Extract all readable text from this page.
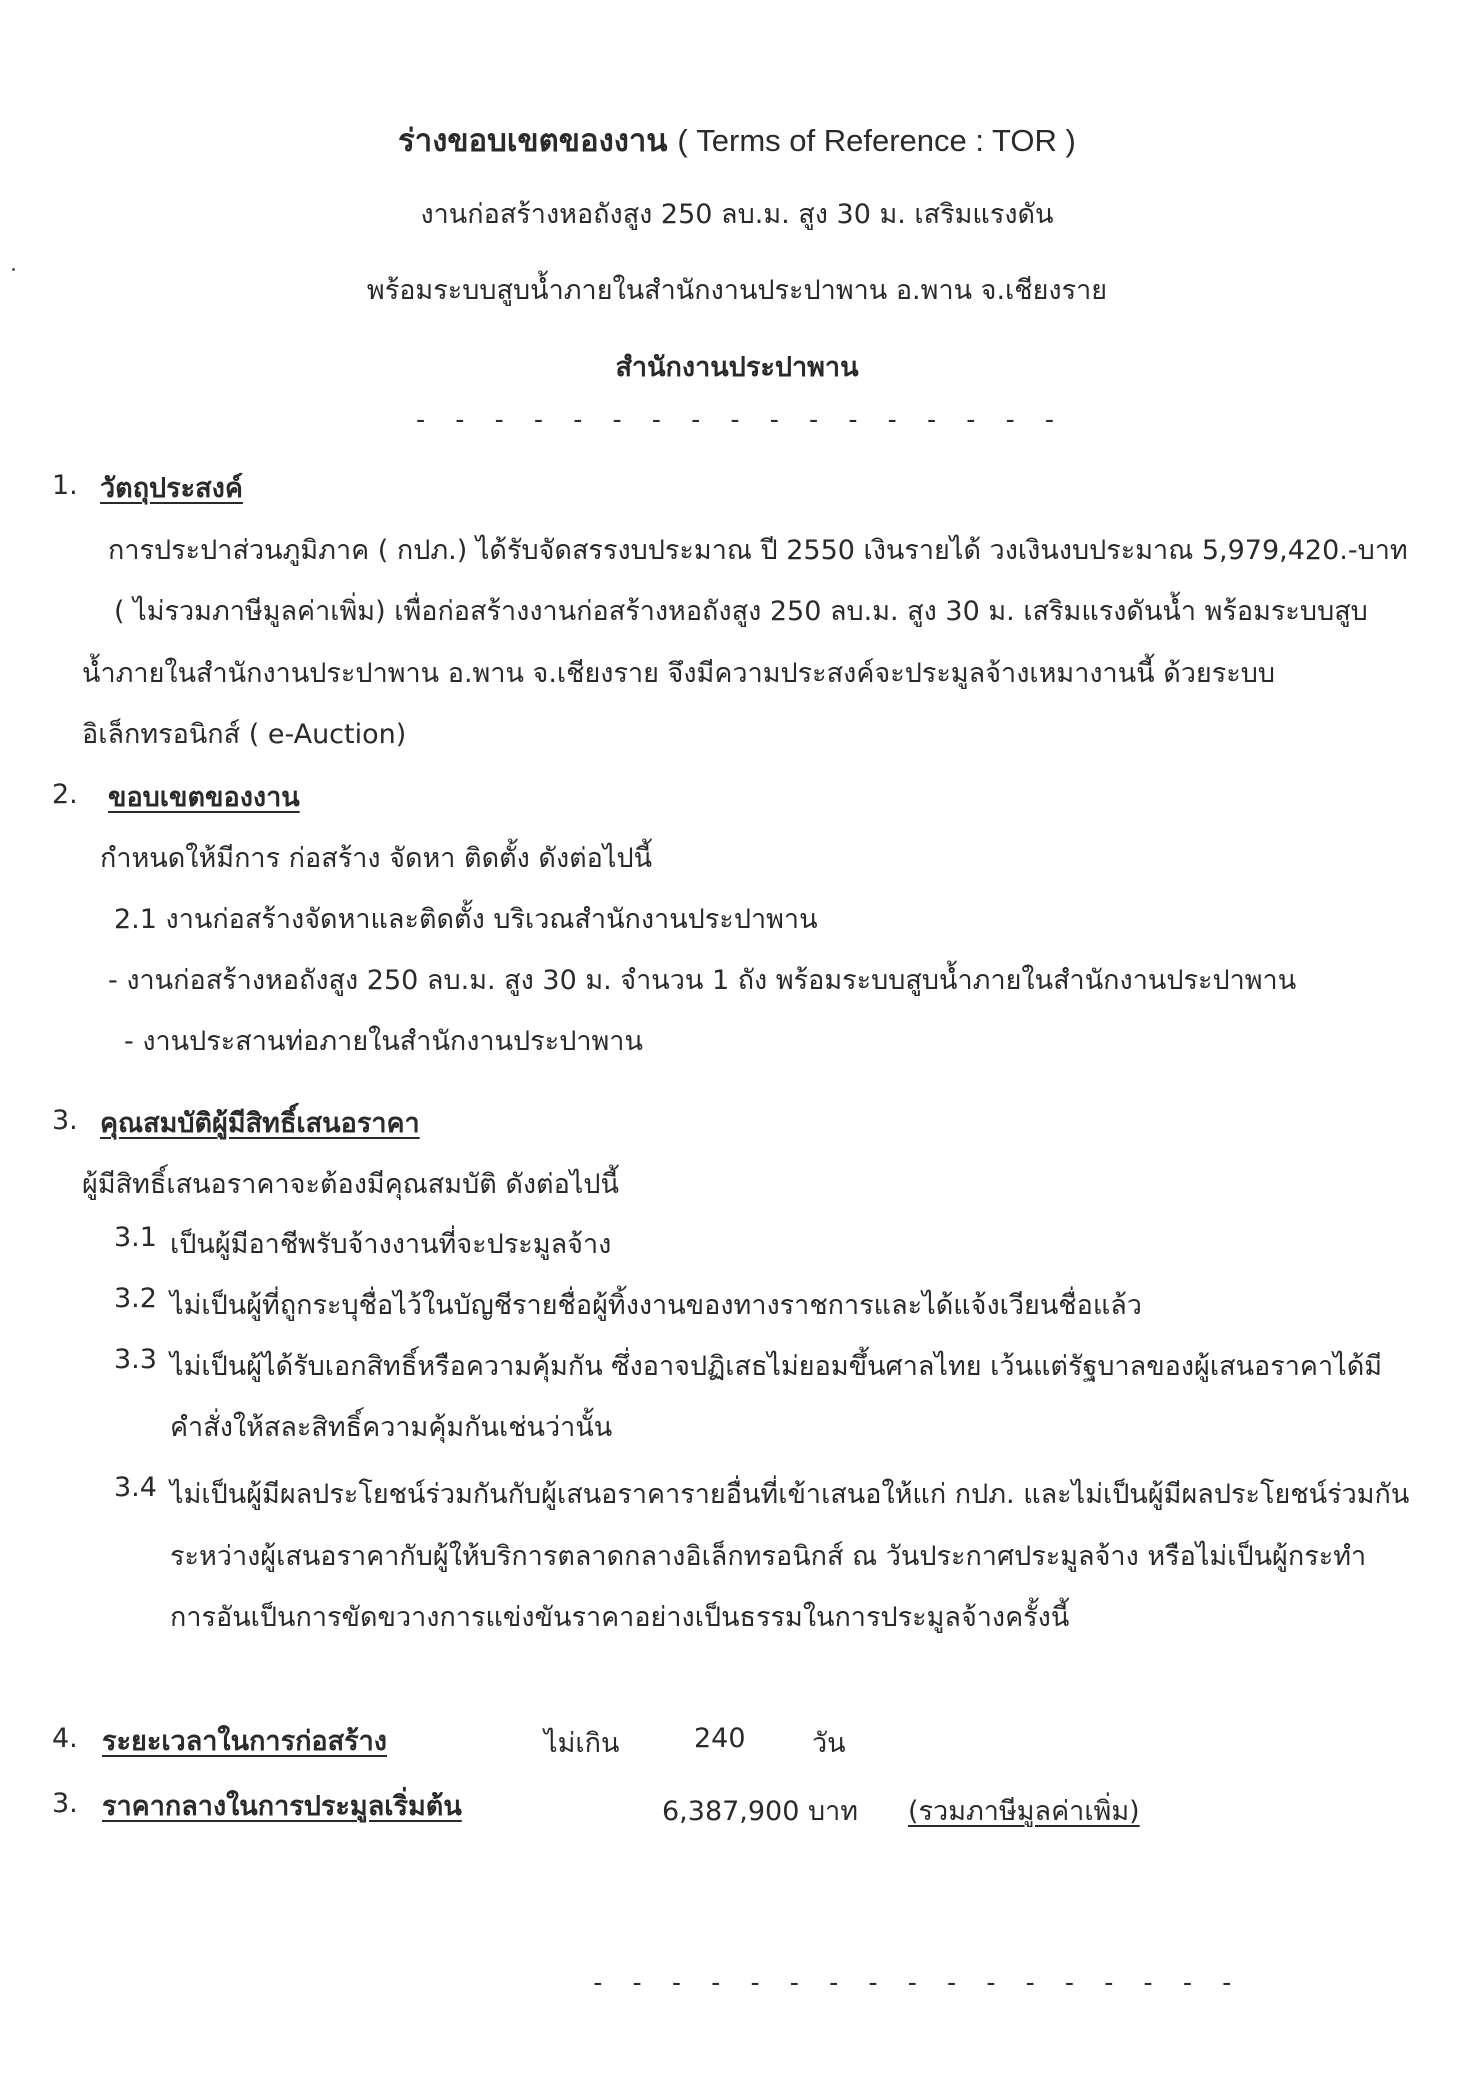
ร่างขอบเขตของงาน ( Terms of Reference : TOR )
งานก่อสร้างหอถังสูง 250 ลบ.ม. สูง 30 ม. เสริมแรงดัน
พร้อมระบบสูบน้ำภายในสำนักงานประปาพาน อ.พาน จ.เชียงราย
สำนักงานประปาพาน
- - - - - - - - - - - - - - - - -
1. วัตถุประสงค์
การประปาส่วนภูมิภาค ( กปภ.) ได้รับจัดสรรงบประมาณ ปี 2550 เงินรายได้ วงเงินงบประมาณ 5,979,420.-บาท
( ไม่รวมภาษีมูลค่าเพิ่ม) เพื่อก่อสร้างงานก่อสร้างหอถังสูง 250 ลบ.ม. สูง 30 ม. เสริมแรงดันน้ำ พร้อมระบบสูบ
น้ำภายในสำนักงานประปาพาน อ.พาน จ.เชียงราย จึงมีความประสงค์จะประมูลจ้างเหมางานนี้ ด้วยระบบ
อิเล็กทรอนิกส์ ( e-Auction)
2. ขอบเขตของงาน
กำหนดให้มีการ ก่อสร้าง จัดหา ติดตั้ง ดังต่อไปนี้
2.1 งานก่อสร้างจัดหาและติดตั้ง บริเวณสำนักงานประปาพาน
- งานก่อสร้างหอถังสูง 250 ลบ.ม. สูง 30 ม. จำนวน 1 ถัง พร้อมระบบสูบน้ำภายในสำนักงานประปาพาน
- งานประสานท่อภายในสำนักงานประปาพาน
3. คุณสมบัติผู้มีสิทธิ์เสนอราคา
ผู้มีสิทธิ์เสนอราคาจะต้องมีคุณสมบัติ ดังต่อไปนี้
3.1 เป็นผู้มีอาชีพรับจ้างงานที่จะประมูลจ้าง
3.2 ไม่เป็นผู้ที่ถูกระบุชื่อไว้ในบัญชีรายชื่อผู้ทิ้งงานของทางราชการและได้แจ้งเวียนชื่อแล้ว
3.3 ไม่เป็นผู้ได้รับเอกสิทธิ์หรือความคุ้มกัน ซึ่งอาจปฏิเสธไม่ยอมขึ้นศาลไทย เว้นแต่รัฐบาลของผู้เสนอราคาได้มี
คำสั่งให้สละสิทธิ์ความคุ้มกันเช่นว่านั้น
3.4 ไม่เป็นผู้มีผลประโยชน์ร่วมกันกับผู้เสนอราคารายอื่นที่เข้าเสนอให้แก่ กปภ. และไม่เป็นผู้มีผลประโยชน์ร่วมกัน
ระหว่างผู้เสนอราคากับผู้ให้บริการตลาดกลางอิเล็กทรอนิกส์ ณ วันประกาศประมูลจ้าง หรือไม่เป็นผู้กระทำ
การอันเป็นการขัดขวางการแข่งขันราคาอย่างเป็นธรรมในการประมูลจ้างครั้งนี้
4. ระยะเวลาในการก่อสร้าง	ไม่เกิน	240 วัน
3. ราคากลางในการประมูลเริ่มต้น	6,387,900 บาท (รวมภาษีมูลค่าเพิ่ม)
- - - - - - - - - - - - - - - - -
